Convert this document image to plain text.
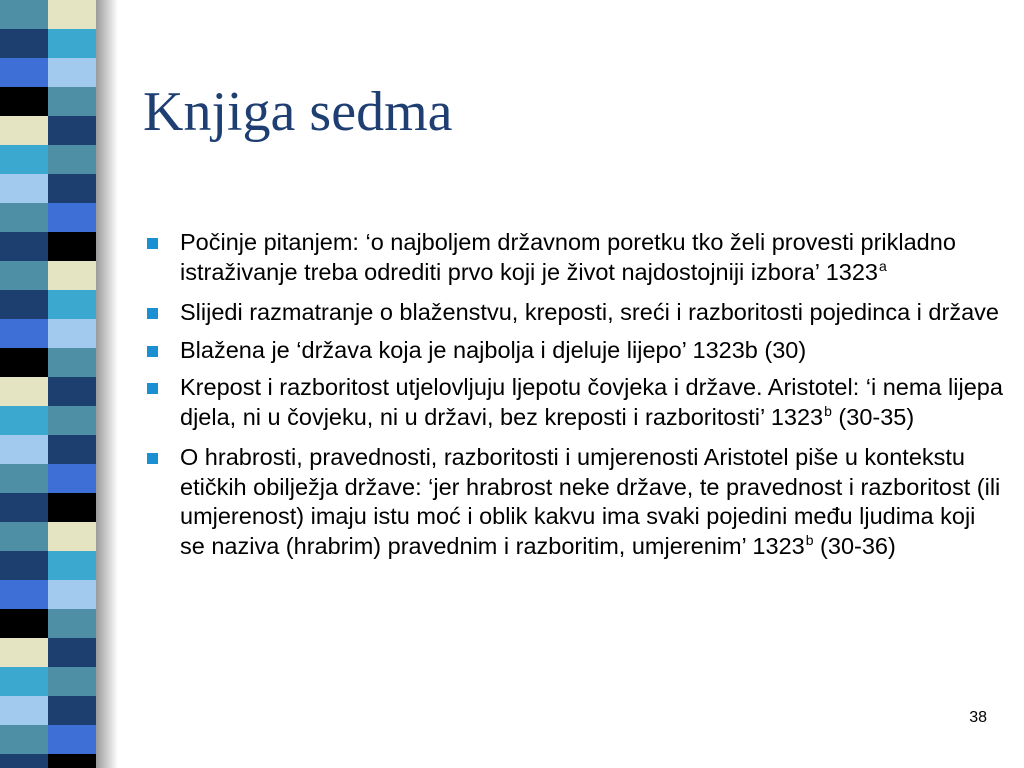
Knjiga sedma
Počinje pitanjem: ‘o najboljem državnom poretku tko želi provesti prikladno istraživanje treba odrediti prvo koji je život najdostojniji izbora’ 1323$^a$
Slijedi razmatranje o blaženstvu, kreposti, sreći i razboritosti pojedinca i države
Blažena je ‘država koja je najbolja i djeluje lijepo’ 1323b (30)
Krepost i razboritost utjelovljuju ljepotu čovjeka i države. Aristotel: ‘i nema lijepa djela, ni u čovjeku, ni u državi, bez kreposti i razboritosti’ 1323$^b$ (30-35)
O hrabrosti, pravednosti, razboritosti i umjerenosti Aristotel piše u kontekstu etičkih obilježja države: ‘jer hrabrost neke države, te pravednost i razboritost (ili umjerenost) imaju istu moć i oblik kakvu ima svaki pojedini među ljudima koji se naziva (hrabrim) pravednim i razboritim, umjerenim’ 1323$^b$ (30-36)
38
